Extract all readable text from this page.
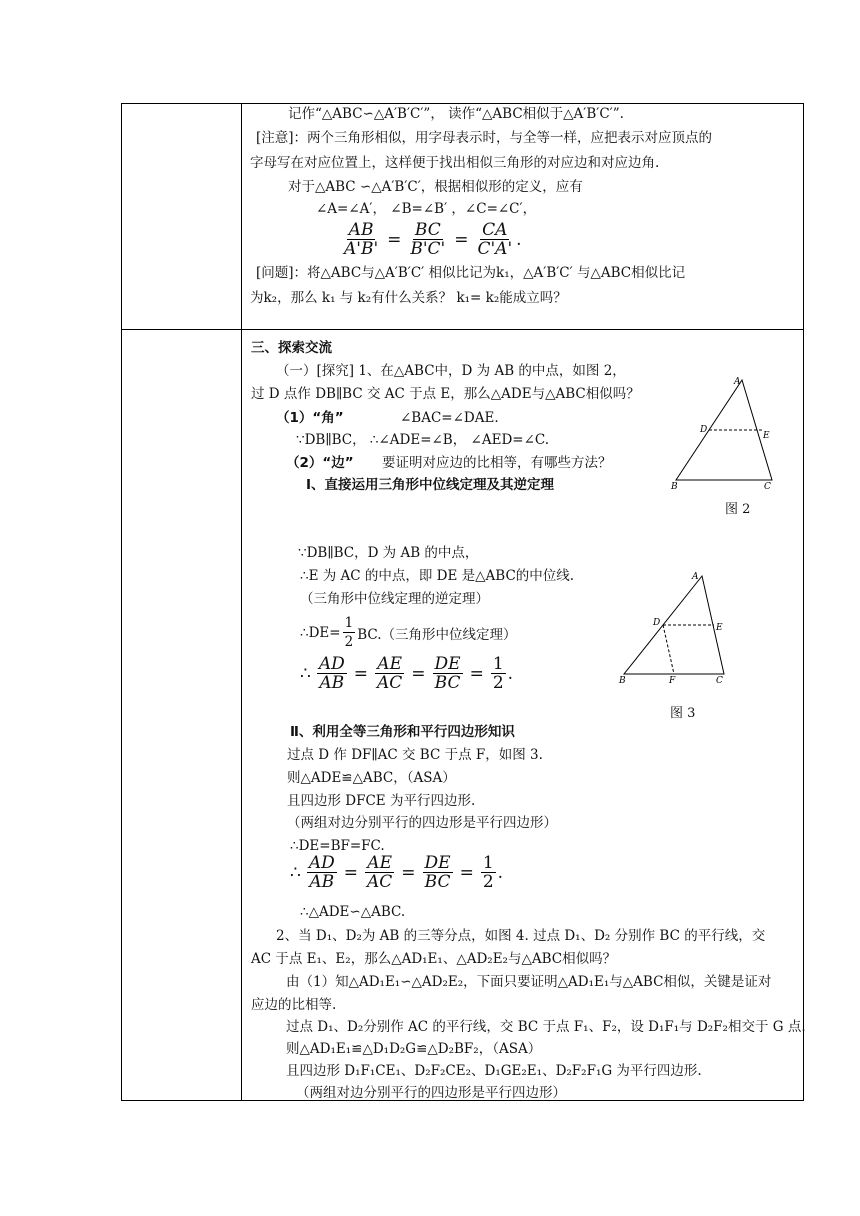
记作“△ABC∽△A′B′C′”， 读作“△ABC相似于△A′B′C′”.
[注意]：两个三角形相似，用字母表示时，与全等一样，应把表示对应顶点的
字母写在对应位置上，这样便于找出相似三角形的对应边和对应边角.
对于△ABC ∽△A′B′C′，根据相似形的定义，应有
∠A=∠A′， ∠B=∠B′ ，∠C=∠C′，
$\frac{AB}{A'B'} = \frac{BC}{B'C'} = \frac{CA}{C'A'}$ .
[问题]：将△ABC与△A′B′C′ 相似比记为k₁，△A′B′C′ 与△ABC相似比记
为k₂，那么 k₁ 与 k₂有什么关系？ k₁= k₂能成立吗？
三、探索交流
（一）[探究] 1、在△ABC中，D 为 AB 的中点，如图 2，
过 D 点作 DB∥BC 交 AC 于点 E，那么△ADE与△ABC相似吗？
（1）“角”	∠BAC=∠DAE.
∵DB∥BC， ∴∠ADE=∠B， ∠AED=∠C.
（2）“边” 要证明对应边的比相等，有哪些方法？
Ⅰ、直接运用三角形中位线定理及其逆定理
A
D
E
B	C
图 2
∵DB∥BC，D 为 AB 的中点，
∴E 为 AC 的中点，即 DE 是△ABC的中位线.
（三角形中位线定理的逆定理）
∴DE= $\frac{1}{2} BC$.（三角形中位线定理）
∴ $\frac{AD}{AB} = \frac{AE}{AC} = \frac{DE}{BC} = \frac{1}{2}$ .
A
D	E
B	F	C
图 3
Ⅱ、利用全等三角形和平行四边形知识
过点 D 作 DF∥AC 交 BC 于点 F，如图 3.
则△ADE≌△ABC，（ASA）
且四边形 DFCE 为平行四边形.
（两组对边分别平行的四边形是平行四边形）
∴DE=BF=FC.
∴ $\frac{AD}{AB} = \frac{AE}{AC} = \frac{DE}{BC} = \frac{1}{2}$ .
∴△ADE∽△ABC.
2、当 D₁、D₂为 AB 的三等分点，如图 4. 过点 D₁、D₂ 分别作 BC 的平行线，交
AC 于点 E₁、E₂，那么△AD₁E₁、△AD₂E₂与△ABC相似吗？
由（1）知△AD₁E₁∽△AD₂E₂，下面只要证明△AD₁E₁与△ABC相似，关键是证对
应边的比相等.
过点 D₁、D₂分别作 AC 的平行线，交 BC 于点 F₁、F₂，设 D₁F₁与 D₂F₂相交于 G 点.
则△AD₁E₁≌△D₁D₂G≌△D₂BF₂，（ASA）
且四边形 D₁F₁CE₁、D₂F₂CE₂、D₁GE₂E₁、D₂F₂F₁G 为平行四边形.
（两组对边分别平行的四边形是平行四边形）
